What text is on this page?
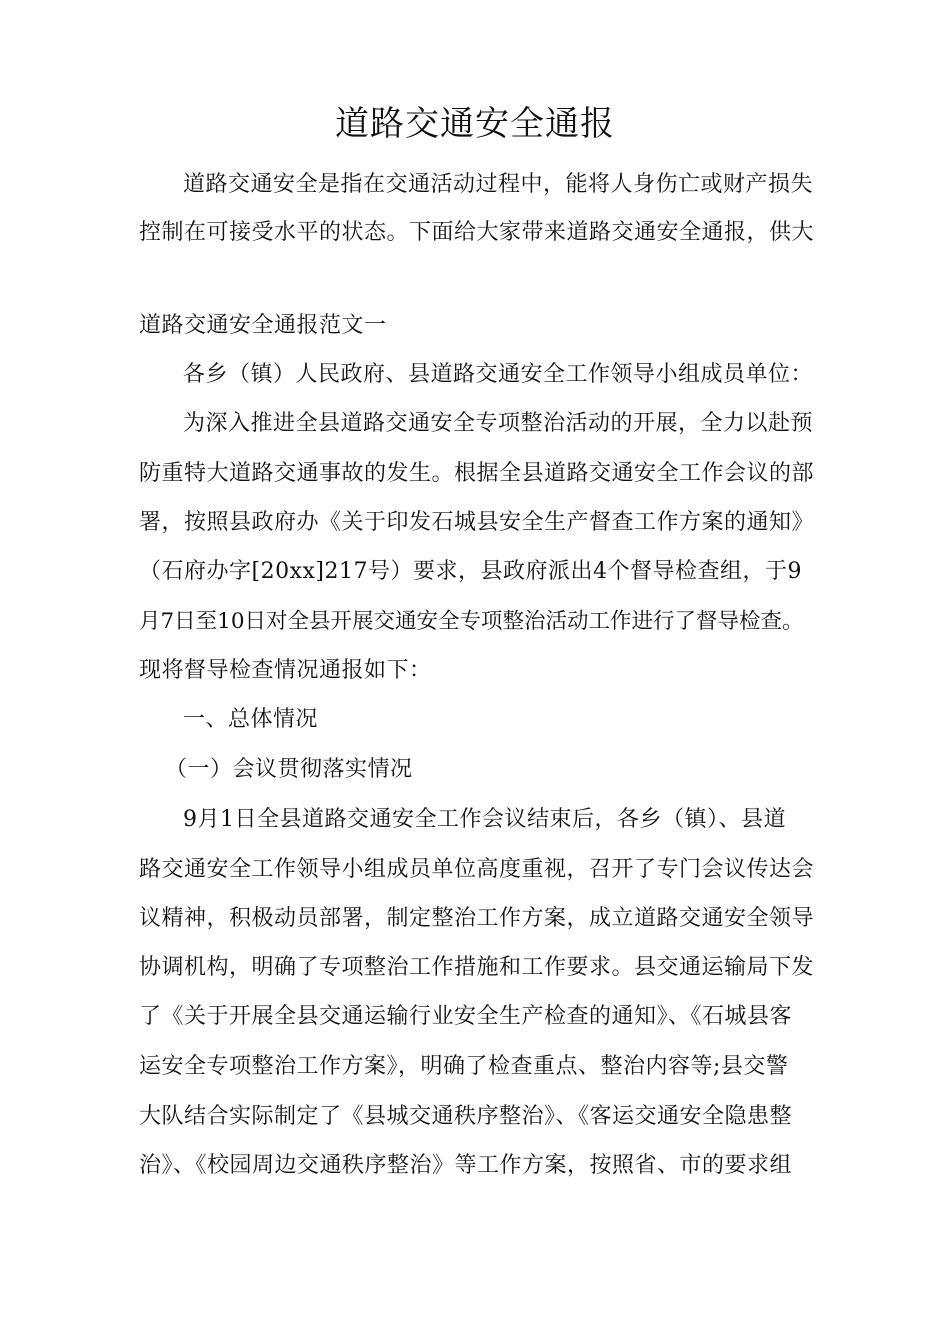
道路交通安全通报
道路交通安全是指在交通活动过程中，能将人身伤亡或财产损失
控制在可接受水平的状态。下面给大家带来道路交通安全通报，供大
道路交通安全通报范文一
各乡（镇）人民政府、县道路交通安全工作领导小组成员单位：
为深入推进全县道路交通安全专项整治活动的开展，全力以赴预
防重特大道路交通事故的发生。根据全县道路交通安全工作会议的部
署，按照县政府办《关于印发石城县安全生产督查工作方案的通知》
（石府办字[20xx]217号）要求，县政府派出4个督导检查组，于9
月7日至10日对全县开展交通安全专项整治活动工作进行了督导检查。
现将督导检查情况通报如下：
一、总体情况
（一）会议贯彻落实情况
9月1日全县道路交通安全工作会议结束后，各乡（镇）、县道
路交通安全工作领导小组成员单位高度重视，召开了专门会议传达会
议精神，积极动员部署，制定整治工作方案，成立道路交通安全领导
协调机构，明确了专项整治工作措施和工作要求。县交通运输局下发
了《关于开展全县交通运输行业安全生产检查的通知》、《石城县客
运安全专项整治工作方案》，明确了检查重点、整治内容等;县交警
大队结合实际制定了《县城交通秩序整治》、《客运交通安全隐患整
治》、《校园周边交通秩序整治》等工作方案，按照省、市的要求组
